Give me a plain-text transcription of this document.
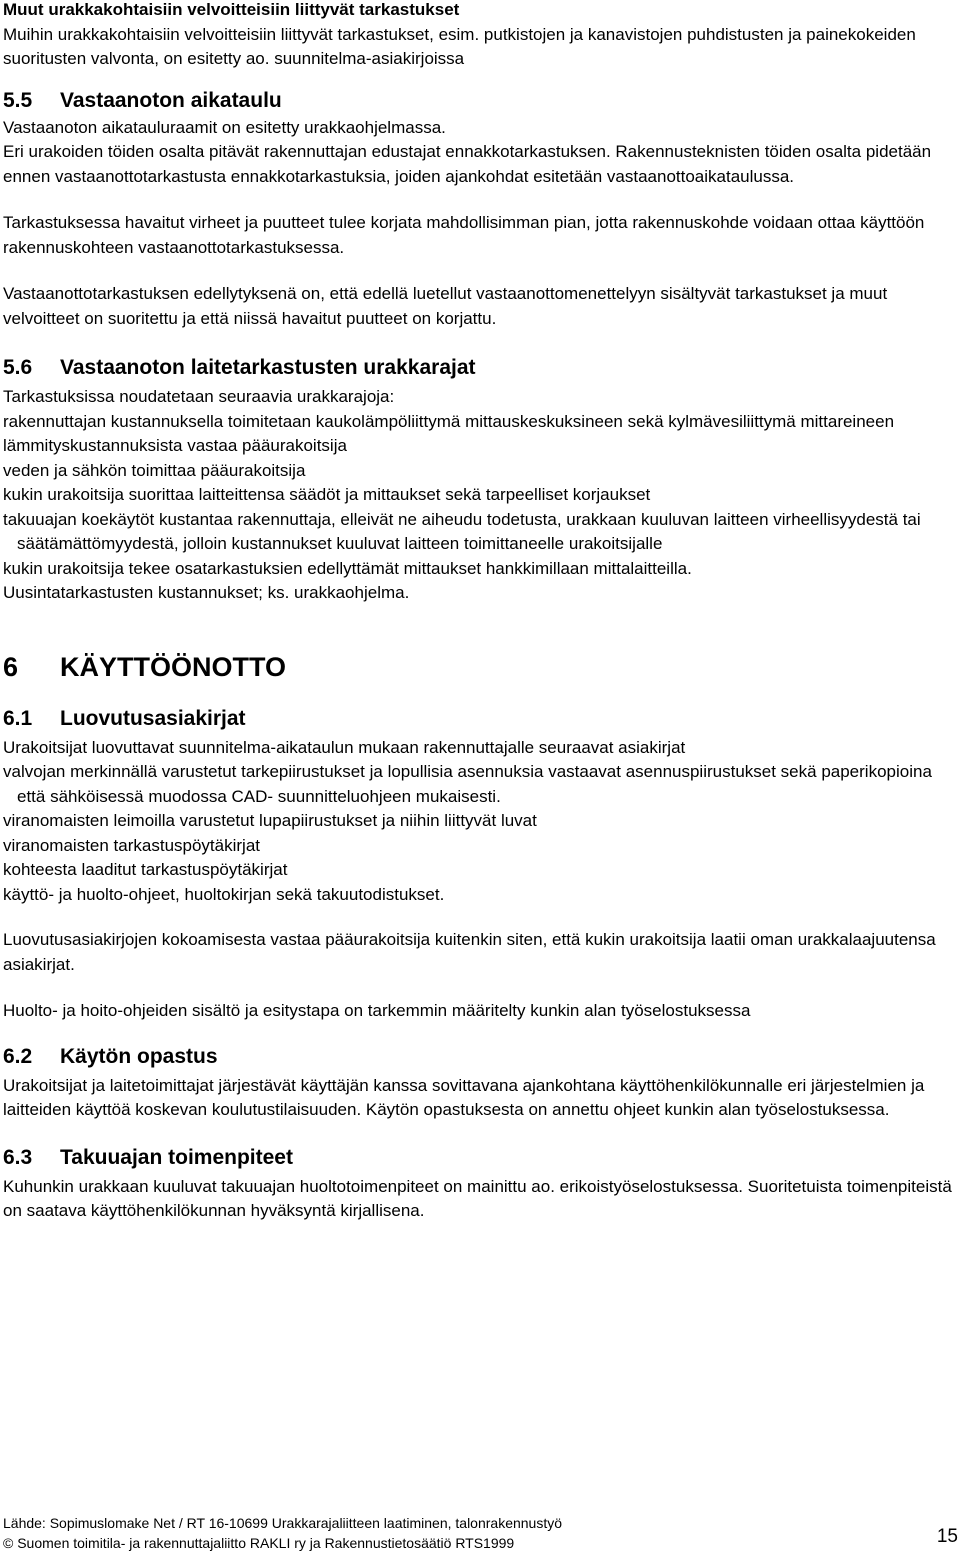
Muut urakkakohtaisiin velvoitteisiin liittyvät tarkastukset

Muihin urakkakohtaisiin velvoitteisiin liittyvät tarkastukset, esim. putkistojen ja kanavistojen puhdistusten ja painekokeiden suoritusten valvonta, on esitetty ao. suunnitelma-asiakirjoissa

5.5 Vastaanoton aikataulu

Vastaanoton aikatauluraamit on esitetty urakkaohjelmassa.

Eri urakoiden töiden osalta pitävät rakennuttajan edustajat ennakkotarkastuksen. Rakennusteknisten töiden osalta pidetään ennen vastaanottotarkastusta ennakkotarkastuksia, joiden ajankohdat esitetään vastaanottoaikataulussa.

Tarkastuksessa havaitut virheet ja puutteet tulee korjata mahdollisimman pian, jotta rakennuskohde voidaan ottaa käyttöön rakennuskohteen vastaanottotarkastuksessa.

Vastaanottotarkastuksen edellytyksenä on, että edellä luetellut vastaanottomenettelyyn sisältyvät tarkastukset ja muut velvoitteet on suoritettu ja että niissä havaitut puutteet on korjattu.

5.6 Vastaanoton laitetarkastusten urakkarajat

Tarkastuksissa noudatetaan seuraavia urakkarajoja:

rakennuttajan kustannuksella toimitetaan kaukolämpöliittymä mittauskeskuksineen sekä kylmävesiliittymä mittareineen

lämmityskustannuksista vastaa pääurakoitsija

veden ja sähkön toimittaa pääurakoitsija

kukin urakoitsija suorittaa laitteittensa säädöt ja mittaukset sekä tarpeelliset korjaukset

takuuajan koekäytöt kustantaa rakennuttaja, elleivät ne aiheudu todetusta, urakkaan kuuluvan laitteen virheellisyydestä tai säätämättömyydestä, jolloin kustannukset kuuluvat laitteen toimittaneelle urakoitsijalle

kukin urakoitsija tekee osatarkastuksien edellyttämät mittaukset hankkimillaan mittalaitteilla.

Uusintatarkastusten kustannukset; ks. urakkaohjelma.

6 KÄYTTÖÖNOTTO
6.1 Luovutusasiakirjat

Urakoitsijat luovuttavat suunnitelma-aikataulun mukaan rakennuttajalle seuraavat asiakirjat

valvojan merkinnällä varustetut tarkepiirustukset ja lopullisia asennuksia vastaavat asennuspiirustukset sekä paperikopioina että sähköisessä muodossa CAD- suunnitteluohjeen mukaisesti.

viranomaisten leimoilla varustetut lupapiirustukset ja niihin liittyvät luvat

viranomaisten tarkastuspöytäkirjat

kohteesta laaditut tarkastuspöytäkirjat

käyttö- ja huolto-ohjeet, huoltokirjan sekä takuutodistukset.

Luovutusasiakirjojen kokoamisesta vastaa pääurakoitsija kuitenkin siten, että kukin urakoitsija laatii oman urakkalaajuutensa asiakirjat.

Huolto- ja hoito-ohjeiden sisältö ja esitystapa on tarkemmin määritelty kunkin alan työselostuksessa

6.2 Käytön opastus

Urakoitsijat ja laitetoimittajat järjestävät käyttäjän kanssa sovittavana ajankohtana käyttöhenkilökunnalle eri järjestelmien ja laitteiden käyttöä koskevan koulutustilaisuuden. Käytön opastuksesta on annettu ohjeet kunkin alan työselostuksessa.

6.3 Takuuajan toimenpiteet

Kuhunkin urakkaan kuuluvat takuuajan huoltotoimenpiteet on mainittu ao. erikoistyöselostuksessa. Suoritetuista toimenpiteistä on saatava käyttöhenkilökunnan hyväksyntä kirjallisena.

Lähde: Sopimuslomake Net / RT 16-10699 Urakkarajaliitteen laatiminen, talonrakennustyö

© Suomen toimitila- ja rakennuttajaliitto RAKLI ry ja Rakennustietosäätiö RTS1999	15
